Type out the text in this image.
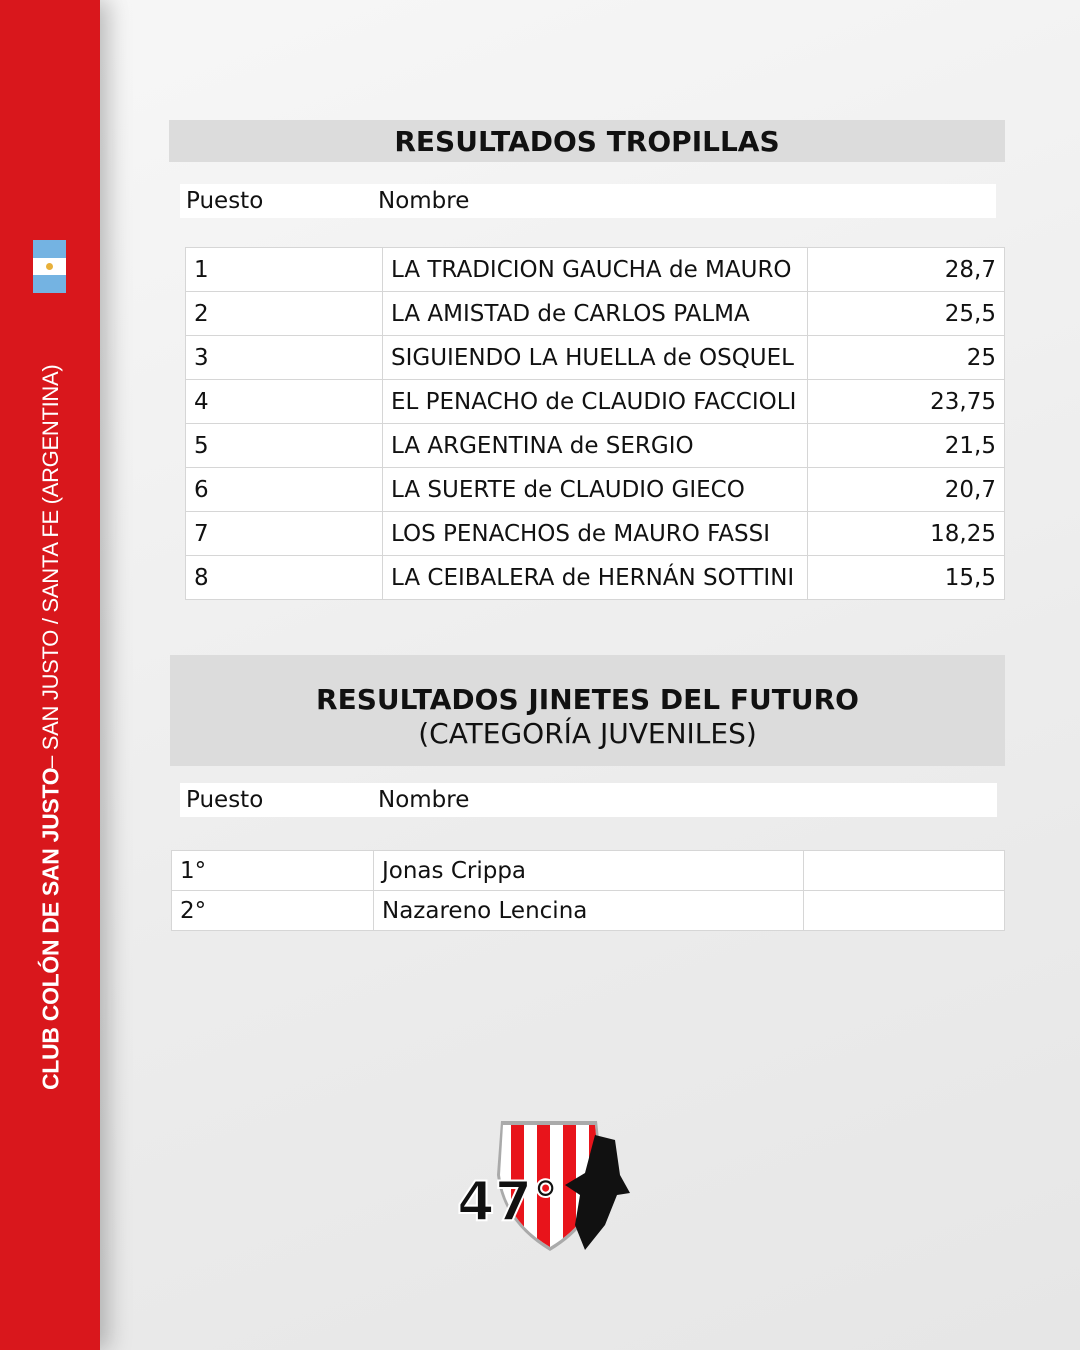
CLUB COLÓN DE SAN JUSTO
– SAN JUSTO / SANTA FE (ARGENTINA)
RESULTADOS TROPILLAS
Puesto	Nombre
1	LA TRADICION GAUCHA de MAURO	28,7
2	LA AMISTAD de CARLOS PALMA	25,5
3	SIGUIENDO LA HUELLA de OSQUEL	25
4	EL PENACHO de CLAUDIO FACCIOLI	23,75
5	LA ARGENTINA de SERGIO	21,5
6	LA SUERTE de CLAUDIO GIECO	20,7
7	LOS PENACHOS de MAURO FASSI	18,25
8	LA CEIBALERA de HERNÁN SOTTINI	15,5
RESULTADOS JINETES DEL FUTURO
(CATEGORÍA JUVENILES)
Puesto	Nombre
1°	Jonas Crippa	
2°	Nazareno Lencina	
47°
